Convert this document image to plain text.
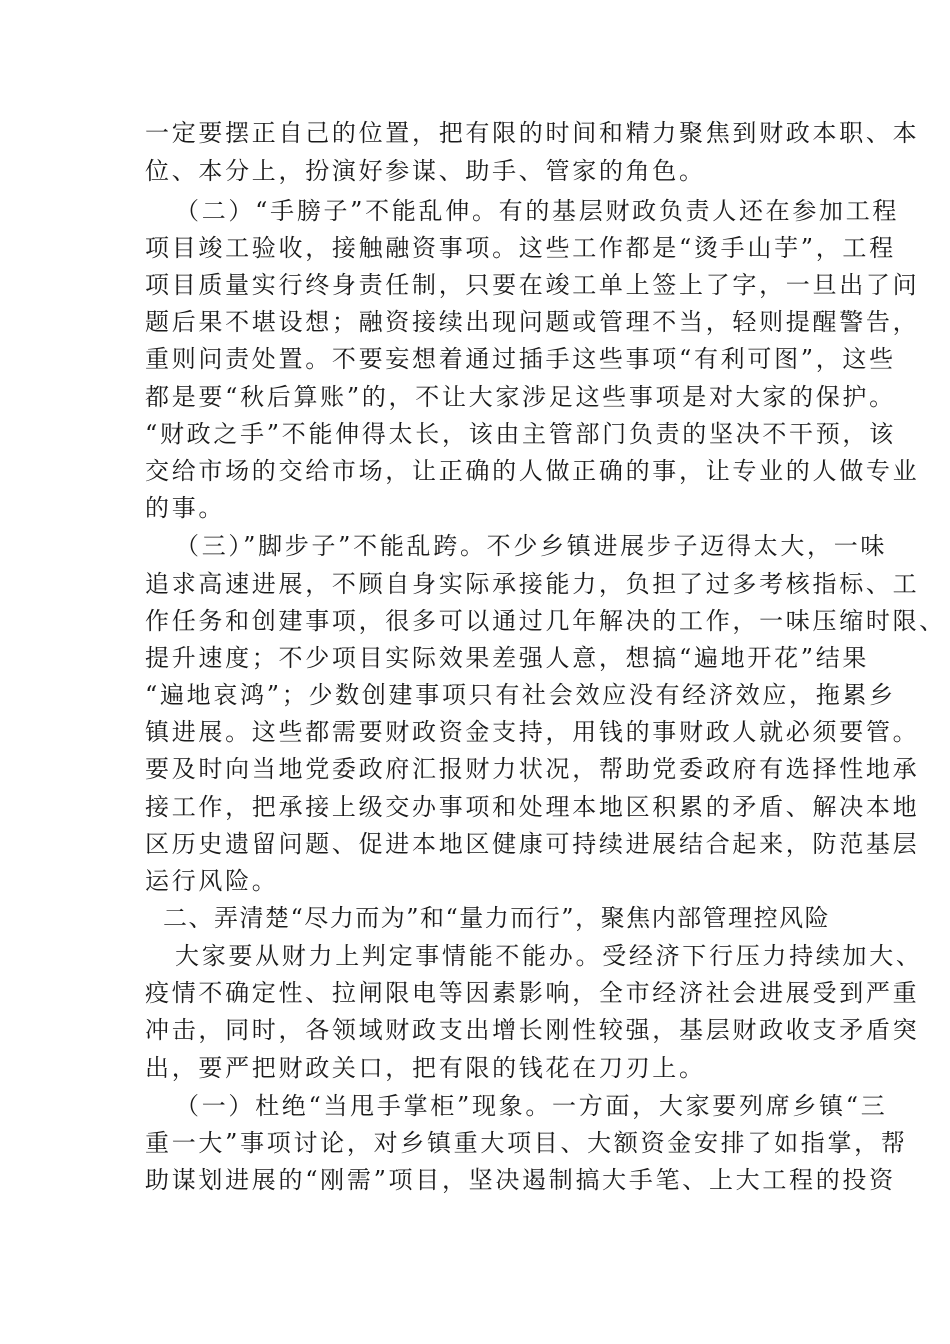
一定要摆正自己的位置，把有限的时间和精力聚焦到财政本职、本
位、本分上，扮演好参谋、助手、管家的角色。
（二）“手膀子”不能乱伸。有的基层财政负责人还在参加工程
项目竣工验收，接触融资事项。这些工作都是“烫手山芋”，工程
项目质量实行终身责任制，只要在竣工单上签上了字，一旦出了问
题后果不堪设想；融资接续出现问题或管理不当，轻则提醒警告，
重则问责处置。不要妄想着通过插手这些事项“有利可图”，这些
都是要“秋后算账”的，不让大家涉足这些事项是对大家的保护。
“财政之手”不能伸得太长，该由主管部门负责的坚决不干预，该
交给市场的交给市场，让正确的人做正确的事，让专业的人做专业
的事。
（三）”脚步子”不能乱跨。不少乡镇进展步子迈得太大，一味
追求高速进展，不顾自身实际承接能力，负担了过多考核指标、工
作任务和创建事项，很多可以通过几年解决的工作，一味压缩时限、
提升速度；不少项目实际效果差强人意，想搞“遍地开花”结果
“遍地哀鸿”；少数创建事项只有社会效应没有经济效应，拖累乡
镇进展。这些都需要财政资金支持，用钱的事财政人就必须要管。
要及时向当地党委政府汇报财力状况，帮助党委政府有选择性地承
接工作，把承接上级交办事项和处理本地区积累的矛盾、解决本地
区历史遗留问题、促进本地区健康可持续进展结合起来，防范基层
运行风险。
二、弄清楚“尽力而为”和“量力而行”，聚焦内部管理控风险
大家要从财力上判定事情能不能办。受经济下行压力持续加大、
疫情不确定性、拉闸限电等因素影响，全市经济社会进展受到严重
冲击，同时，各领域财政支出增长刚性较强，基层财政收支矛盾突
出，要严把财政关口，把有限的钱花在刀刃上。
（一）杜绝“当甩手掌柜”现象。一方面，大家要列席乡镇“三
重一大”事项讨论，对乡镇重大项目、大额资金安排了如指掌，帮
助谋划进展的“刚需”项目，坚决遏制搞大手笔、上大工程的投资
